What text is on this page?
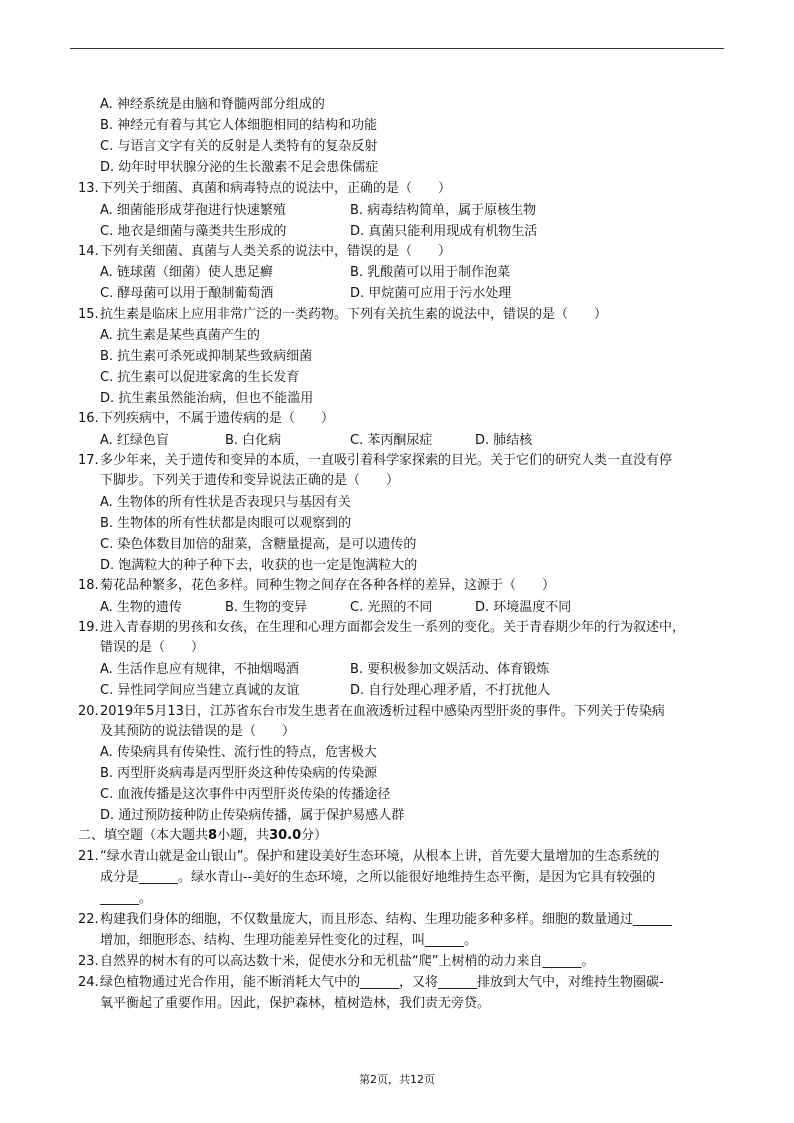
A. 神经系统是由脑和脊髓两部分组成的
B. 神经元有着与其它人体细胞相同的结构和功能
C. 与语言文字有关的反射是人类特有的复杂反射
D. 幼年时甲状腺分泌的生长激素不足会患侏儒症
13. 下列关于细菌、真菌和病毒特点的说法中，正确的是（　　）
A. 细菌能形成芽孢进行快速繁殖	B. 病毒结构简单，属于原核生物
C. 地衣是细菌与藻类共生形成的	D. 真菌只能利用现成有机物生活
14. 下列有关细菌、真菌与人类关系的说法中，错误的是（　　）
A. 链球菌（细菌）使人患足癣	B. 乳酸菌可以用于制作泡菜
C. 酵母菌可以用于酿制葡萄酒	D. 甲烷菌可应用于污水处理
15. 抗生素是临床上应用非常广泛的一类药物。下列有关抗生素的说法中，错误的是（　　）
A. 抗生素是某些真菌产生的
B. 抗生素可杀死或抑制某些致病细菌
C. 抗生素可以促进家禽的生长发育
D. 抗生素虽然能治病，但也不能滥用
16. 下列疾病中，不属于遗传病的是（　　）
A. 红绿色盲	B. 白化病	C. 苯丙酮尿症	D. 肺结核
17. 多少年来，关于遗传和变异的本质，一直吸引着科学家探索的目光。关于它们的研究人类一直没有停
下脚步。下列关于遗传和变异说法正确的是（　　）
A. 生物体的所有性状是否表现只与基因有关
B. 生物体的所有性状都是肉眼可以观察到的
C. 染色体数目加倍的甜菜，含糖量提高，是可以遗传的
D. 饱满粒大的种子种下去，收获的也一定是饱满粒大的
18. 菊花品种繁多，花色多样。同种生物之间存在各种各样的差异，这源于（　　）
A. 生物的遗传	B. 生物的变异	C. 光照的不同	D. 环境温度不同
19. 进入青春期的男孩和女孩，在生理和心理方面都会发生一系列的变化。关于青春期少年的行为叙述中，
错误的是（　　）
A. 生活作息应有规律，不抽烟喝酒	B. 要积极参加文娱活动、体育锻炼
C. 异性同学间应当建立真诚的友谊	D. 自行处理心理矛盾，不打扰他人
20. 2019年5月13日，江苏省东台市发生患者在血液透析过程中感染丙型肝炎的事件。下列关于传染病
及其预防的说法错误的是（　　）
A. 传染病具有传染性、流行性的特点，危害极大
B. 丙型肝炎病毒是丙型肝炎这种传染病的传染源
C. 血液传播是这次事件中丙型肝炎传染的传播途径
D. 通过预防接种防止传染病传播，属于保护易感人群
二、填空题（本大题共8小题，共30.0分）
21. “绿水青山就是金山银山”。保护和建设美好生态环境，从根本上讲，首先要大量增加的生态系统的
成分是______。绿水青山--美好的生态环境，之所以能很好地维持生态平衡，是因为它具有较强的
______。
22. 构建我们身体的细胞，不仅数量庞大，而且形态、结构、生理功能多种多样。细胞的数量通过______
增加，细胞形态、结构、生理功能差异性变化的过程，叫______。
23. 自然界的树木有的可以高达数十米，促使水分和无机盐“爬”上树梢的动力来自______。
24. 绿色植物通过光合作用，能不断消耗大气中的______，又将______排放到大气中，对维持生物圈碳-
氧平衡起了重要作用。因此，保护森林，植树造林，我们责无旁贷。
第2页，共12页
